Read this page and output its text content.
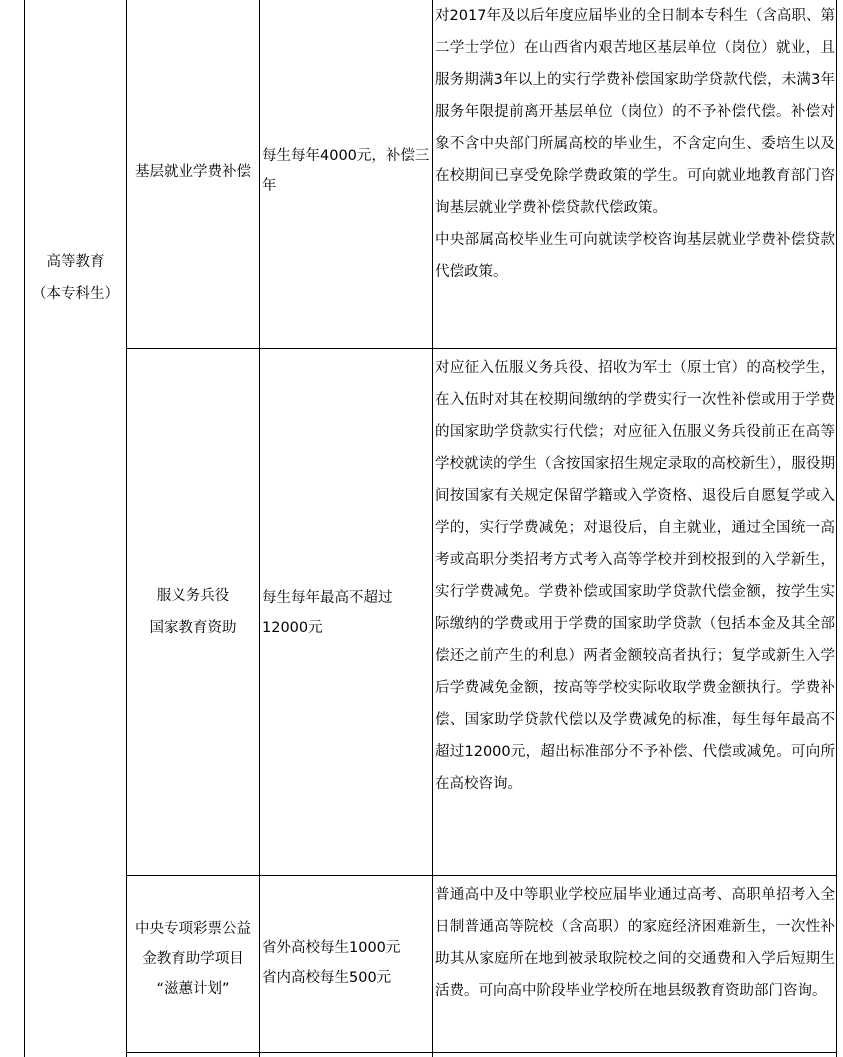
高等教育
（本专科生）
基层就业学费补偿

每生每年4000元，补偿三年

对2017年及以后年度应届毕业的全日制本专科生（含高职、第二学士学位）在山西省内艰苦地区基层单位（岗位）就业，且服务期满3年以上的实行学费补偿国家助学贷款代偿，未满3年服务年限提前离开基层单位（岗位）的不予补偿代偿。补偿对象不含中央部门所属高校的毕业生，不含定向生、委培生以及在校期间已享受免除学费政策的学生。可向就业地教育部门咨询基层就业学费补偿贷款代偿政策。

中央部属高校毕业生可向就读学校咨询基层就业学费补偿贷款代偿政策。

服义务兵役
国家教育资助

每生每年最高不超过12000元

对应征入伍服义务兵役、招收为军士（原士官）的高校学生，在入伍时对其在校期间缴纳的学费实行一次性补偿或用于学费的国家助学贷款实行代偿；对应征入伍服义务兵役前正在高等学校就读的学生（含按国家招生规定录取的高校新生），服役期间按国家有关规定保留学籍或入学资格、退役后自愿复学或入学的，实行学费减免；对退役后，自主就业，通过全国统一高考或高职分类招考方式考入高等学校并到校报到的入学新生，实行学费减免。学费补偿或国家助学贷款代偿金额，按学生实际缴纳的学费或用于学费的国家助学贷款（包括本金及其全部偿还之前产生的利息）两者金额较高者执行；复学或新生入学后学费减免金额，按高等学校实际收取学费金额执行。学费补偿、国家助学贷款代偿以及学费减免的标准，每生每年最高不超过12000元，超出标准部分不予补偿、代偿或减免。可向所在高校咨询。

中央专项彩票公益
金教育助学项目
“滋蕙计划”

省外高校每生1000元

省内高校每生500元

普通高中及中等职业学校应届毕业通过高考、高职单招考入全日制普通高等院校（含高职）的家庭经济困难新生，一次性补助其从家庭所在地到被录取院校之间的交通费和入学后短期生活费。可向高中阶段毕业学校所在地县级教育资助部门咨询。
